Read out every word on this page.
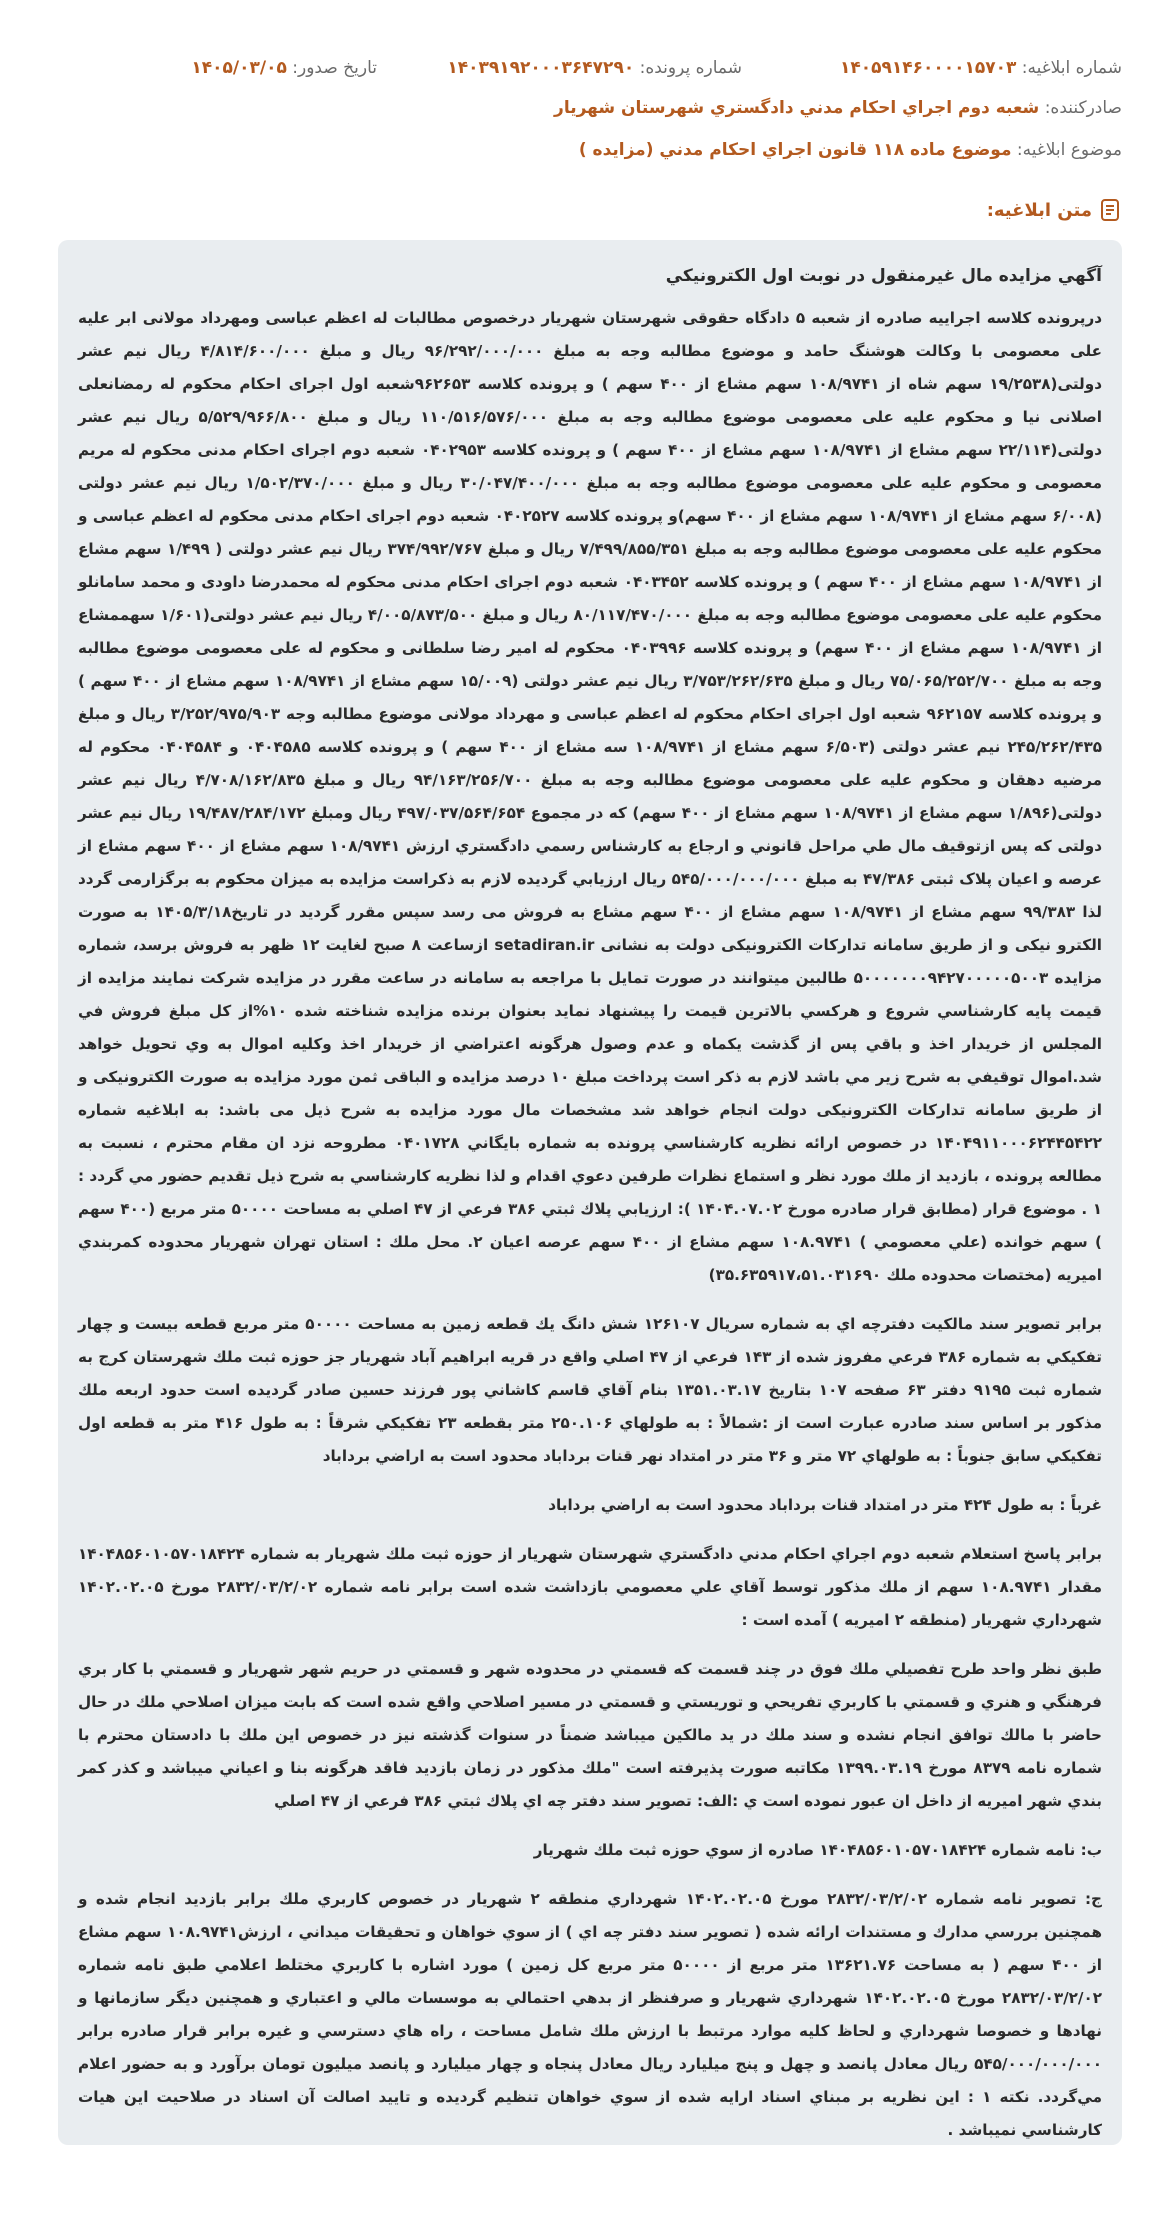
شماره ابلاغيه: ۱۴۰۵۹۱۴۶۰۰۰۰۱۵۷۰۳
شماره پرونده: ۱۴۰۳۹۱۹۲۰۰۰۳۶۴۷۲۹۰
تاريخ صدور: ۱۴۰۵/۰۳/۰۵
صادرکننده: شعبه دوم اجراي احكام مدني دادگستري شهرستان شهريار
موضوع ابلاغيه: موضوع ماده ۱۱۸ قانون اجراي احكام مدني (مزايده )
متن ابلاغيه:
آگهي مزايده مال غيرمنقول در نوبت اول الكترونيكي

درپرونده کلاسه اجراييه صادره از شعبه ۵ دادگاه حقوقی شهرستان شهريار درخصوص مطالبات له اعظم عباسی ومهرداد مولانی ابر عليه علی معصومی با وکالت هوشنگ حامد و موضوع مطالبه وجه به مبلغ ۹۶/۲۹۲/۰۰۰/۰۰۰ ريال و مبلغ ۴/۸۱۴/۶۰۰/۰۰۰ ريال نيم عشر دولتی(۱۹/۲۵۳۸ سهم شاه از ۱۰۸/۹۷۴۱ سهم مشاع از ۴۰۰ سهم ) و پرونده کلاسه ۹۶۲۶۵۳شعبه اول اجرای احکام محکوم له رمضانعلی اصلانی نيا و محکوم عليه علی معصومی موضوع مطالبه وجه به مبلغ ۱۱۰/۵۱۶/۵۷۶/۰۰۰ ريال و مبلغ ۵/۵۲۹/۹۶۶/۸۰۰ ريال نيم عشر دولتی(۲۲/۱۱۴ سهم مشاع از ۱۰۸/۹۷۴۱ سهم مشاع از ۴۰۰ سهم ) و پرونده کلاسه ۰۴۰۲۹۵۳ شعبه دوم اجرای احکام مدنی محکوم له مريم معصومی و محکوم عليه علی معصومی موضوع مطالبه وجه به مبلغ ۳۰/۰۴۷/۴۰۰/۰۰۰ ريال و مبلغ ۱/۵۰۲/۳۷۰/۰۰۰ ريال نيم عشر دولتی (۶/۰۰۸ سهم مشاع از ۱۰۸/۹۷۴۱ سهم مشاع از ۴۰۰ سهم)و پرونده کلاسه ۰۴۰۲۵۲۷ شعبه دوم اجرای احکام مدنی محکوم له اعظم عباسی و محکوم عليه علی معصومی موضوع مطالبه وجه به مبلغ ۷/۴۹۹/۸۵۵/۳۵۱ ريال و مبلغ ۳۷۴/۹۹۲/۷۶۷ ريال نيم عشر دولتی ( ۱/۴۹۹ سهم مشاع از ۱۰۸/۹۷۴۱ سهم مشاع از ۴۰۰ سهم ) و پرونده کلاسه ۰۴۰۳۴۵۲ شعبه دوم اجرای احکام مدنی محکوم له محمدرضا داودی و محمد سامانلو محکوم عليه علی معصومی موضوع مطالبه وجه به مبلغ ۸۰/۱۱۷/۴۷۰/۰۰۰ ريال و مبلغ ۴/۰۰۵/۸۷۳/۵۰۰ ريال نيم عشر دولتی(۱/۶۰۱ سهممشاع از ۱۰۸/۹۷۴۱ سهم مشاع از ۴۰۰ سهم) و پرونده کلاسه ۰۴۰۳۹۹۶ محکوم له امير رضا سلطانی و محکوم له علی معصومی موضوع مطالبه وجه به مبلغ ۷۵/۰۶۵/۲۵۲/۷۰۰ ريال و مبلغ ۳/۷۵۳/۲۶۲/۶۳۵ ريال نيم عشر دولتی (۱۵/۰۰۹ سهم مشاع از ۱۰۸/۹۷۴۱ سهم مشاع از ۴۰۰ سهم ) و پرونده کلاسه ۹۶۲۱۵۷ شعبه اول اجرای احکام محکوم له اعظم عباسی و مهرداد مولانی موضوع مطالبه وجه ۳/۲۵۲/۹۷۵/۹۰۳ ريال و مبلغ ۲۴۵/۲۶۲/۴۳۵ نيم عشر دولتی (۶/۵۰۳ سهم مشاع از ۱۰۸/۹۷۴۱ سه مشاع از ۴۰۰ سهم ) و پرونده کلاسه ۰۴۰۴۵۸۵ و ۰۴۰۴۵۸۴ محکوم له مرضيه دهقان و محکوم عليه علی معصومی موضوع مطالبه وجه به مبلغ ۹۴/۱۶۳/۲۵۶/۷۰۰ ريال و مبلغ ۴/۷۰۸/۱۶۲/۸۳۵ ريال نيم عشر دولتی(۱/۸۹۶ سهم مشاع از ۱۰۸/۹۷۴۱ سهم مشاع از ۴۰۰ سهم) که در مجموع ۴۹۷/۰۳۷/۵۶۴/۶۵۴ ريال ومبلغ ۱۹/۴۸۷/۲۸۴/۱۷۲ ريال نيم عشر دولتی كه پس ازتوقيف مال طي مراحل قانوني و ارجاع به كارشناس رسمي دادگستري ارزش ۱۰۸/۹۷۴۱ سهم مشاع از ۴۰۰ سهم مشاع از عرصه و اعيان پلاک ثبتی ۴۷/۳۸۶ به مبلغ ۵۴۵/۰۰۰/۰۰۰/۰۰۰ ريال ارزيابي گرديده لازم به ذكراست مزايده به ميزان محکوم به برگزارمی گردد لذا ۹۹/۳۸۳ سهم مشاع از ۱۰۸/۹۷۴۱ سهم مشاع از ۴۰۰ سهم مشاع به فروش می رسد سپس مقرر گرديد در تاريخ۱۴۰۵/۳/۱۸ به صورت الكترو نيكی و از طريق سامانه تداركات الكترونيكی دولت به نشانی setadiran.ir ازساعت ۸ صبح لغايت ۱۲ ظهر به فروش برسد، شماره مزايده ۵۰۰۰۰۰۰۰۹۴۲۷۰۰۰۰۰۵۰۰۳ طالبين ميتوانند در صورت تمايل با مراجعه به سامانه در ساعت مقرر در مزايده شركت نمايند مزايده از قيمت پايه كارشناسي شروع و هركسي بالاترين قيمت را پيشنهاد نمايد بعنوان برنده مزايده شناخته شده ۱۰%از كل مبلغ فروش في المجلس از خريدار اخذ و باقي پس از گذشت يكماه و عدم وصول هرگونه اعتراضي از خريدار اخذ وكليه اموال به وي تحويل خواهد شد.اموال توقيفي به شرح زير مي باشد لازم به ذكر است پرداخت مبلغ ۱۰ درصد مزايده و الباقی ثمن مورد مزايده به صورت الكترونيكی و از طريق سامانه تداركات الكترونيكی دولت انجام خواهد شد مشخصات مال مورد مزايده به شرح ذيل می باشد: به ابلاغيه شماره ۱۴۰۴۹۱۱۰۰۰۶۲۴۴۵۴۲۲ در خصوص ارائه نظريه كارشناسي پرونده به شماره بايگاني ۰۴۰۱۷۲۸ مطروحه نزد ان مقام محترم ، نسبت به مطالعه پرونده ، بازديد از ملك مورد نظر و استماع نظرات طرفين دعوي اقدام و لذا نظريه كارشناسي به شرح ذيل تقديم حضور مي گردد : ۱ . موضوع قرار (مطابق قرار صادره مورخ ۱۴۰۴.۰۷.۰۲ ): ارزيابي پلاك ثبتي ۳۸۶ فرعي از ۴۷ اصلي به مساحت ۵۰۰۰۰ متر مربع (۴۰۰ سهم ) سهم خوانده (علي معصومي ) ۱۰۸.۹۷۴۱ سهم مشاع از ۴۰۰ سهم عرصه اعيان ۲. محل ملك : استان تهران شهريار محدوده كمربندي اميريه (مختصات محدوده ملك ۳۵.۶۳۵۹۱۷،۵۱.۰۳۱۶۹۰)

برابر تصوير سند مالكيت دفترچه اي به شماره سريال ۱۲۶۱۰۷ شش دانگ يك قطعه زمين به مساحت ۵۰۰۰۰ متر مربع قطعه بيست و چهار تفكيكي به شماره ۳۸۶ فرعي مفروز شده از ۱۴۳ فرعي از ۴۷ اصلي واقع در قريه ابراهيم آباد شهريار جز حوزه ثبت ملك شهرستان كرج به شماره ثبت ۹۱۹۵ دفتر ۶۳ صفحه ۱۰۷ بتاريخ ۱۳۵۱.۰۳.۱۷ بنام آقاي قاسم كاشاني پور فرزند حسين صادر گرديده است حدود اربعه ملك مذكور بر اساس سند صادره عبارت است از :شمالاً : به طولهاي ۲۵۰.۱۰۶ متر بقطعه ۲۳ تفكيكي شرقاً : به طول ۴۱۶ متر به قطعه اول تفكيكي سابق جنوباً : به طولهاي ۷۲ متر و ۳۶ متر در امتداد نهر قنات برداباد محدود است به اراضي برداباد

غرباً : به طول ۴۲۴ متر در امتداد قنات برداباد محدود است به اراضي برداباد

برابر پاسخ استعلام شعبه دوم اجراي احكام مدني دادگستري شهرستان شهريار از حوزه ثبت ملك شهريار به شماره ۱۴۰۴۸۵۶۰۱۰۵۷۰۱۸۴۲۴ مقدار ۱۰۸.۹۷۴۱ سهم از ملك مذكور توسط آقاي علي معصومي بازداشت شده است برابر نامه شماره ۲۸۳۲/۰۳/۲/۰۲ مورخ ۱۴۰۲.۰۲.۰۵ شهرداري شهريار (منطقه ۲ اميريه ) آمده است :

طبق نظر واحد طرح تفصيلي ملك فوق در چند قسمت كه قسمتي در محدوده شهر و قسمتي در حريم شهر شهريار و قسمتي با كار بري فرهنگي و هنري و قسمتي با كاربري تفريحي و توريستي و قسمتي در مسير اصلاحي واقع شده است كه بابت ميزان اصلاحي ملك در حال حاضر با مالك توافق انجام نشده و سند ملك در يد مالكين ميباشد ضمناً در سنوات گذشته نيز در خصوص اين ملك با دادستان محترم با شماره نامه ۸۳۷۹ مورخ ۱۳۹۹.۰۳.۱۹ مكاتبه صورت پذيرفته است "ملك مذكور در زمان بازديد فاقد هرگونه بنا و اعياني ميباشد و كذر كمر بندي شهر اميريه از داخل ان عبور نموده است ي :الف: تصوير سند دفتر چه اي پلاك ثبتي ۳۸۶ فرعي از ۴۷ اصلي

ب: نامه شماره ۱۴۰۴۸۵۶۰۱۰۵۷۰۱۸۴۲۴ صادره از سوي حوزه ثبت ملك شهريار

ج: تصوير نامه شماره ۲۸۳۲/۰۳/۲/۰۲ مورخ ۱۴۰۲.۰۲.۰۵ شهرداري منطقه ۲ شهريار در خصوص كاربري ملك برابر بازديد انجام شده و همچنين بررسي مدارك و مستندات ارائه شده ( تصوير سند دفتر چه اي ) از سوي خواهان و تحقيقات ميداني ، ارزش۱۰۸.۹۷۴۱ سهم مشاع از ۴۰۰ سهم ( به مساحت ۱۳۶۲۱.۷۶ متر مربع از ۵۰۰۰۰ متر مربع كل زمين ) مورد اشاره با كاربري مختلط اعلامي طبق نامه شماره ۲۸۳۲/۰۳/۲/۰۲ مورخ ۱۴۰۲.۰۲.۰۵ شهرداري شهريار و صرفنظر از بدهي احتمالي به موسسات مالي و اعتباري و همچنين ديگر سازمانها و نهادها و خصوصا شهرداري و لحاظ كليه موارد مرتبط با ارزش ملك شامل مساحت ، راه هاي دسترسي و غيره برابر قرار صادره برابر ۵۴۵/۰۰۰/۰۰۰/۰۰۰ ريال معادل پانصد و چهل و پنج ميليارد ريال معادل پنجاه و چهار ميليارد و پانصد ميليون تومان برآورد و به حضور اعلام مي‌گردد. نكته ۱ : اين نظريه بر مبناي اسناد ارايه شده از سوي خواهان تنظيم گرديده و تاييد اصالت آن اسناد در صلاحيت اين هيات كارشناسي نميباشد .
